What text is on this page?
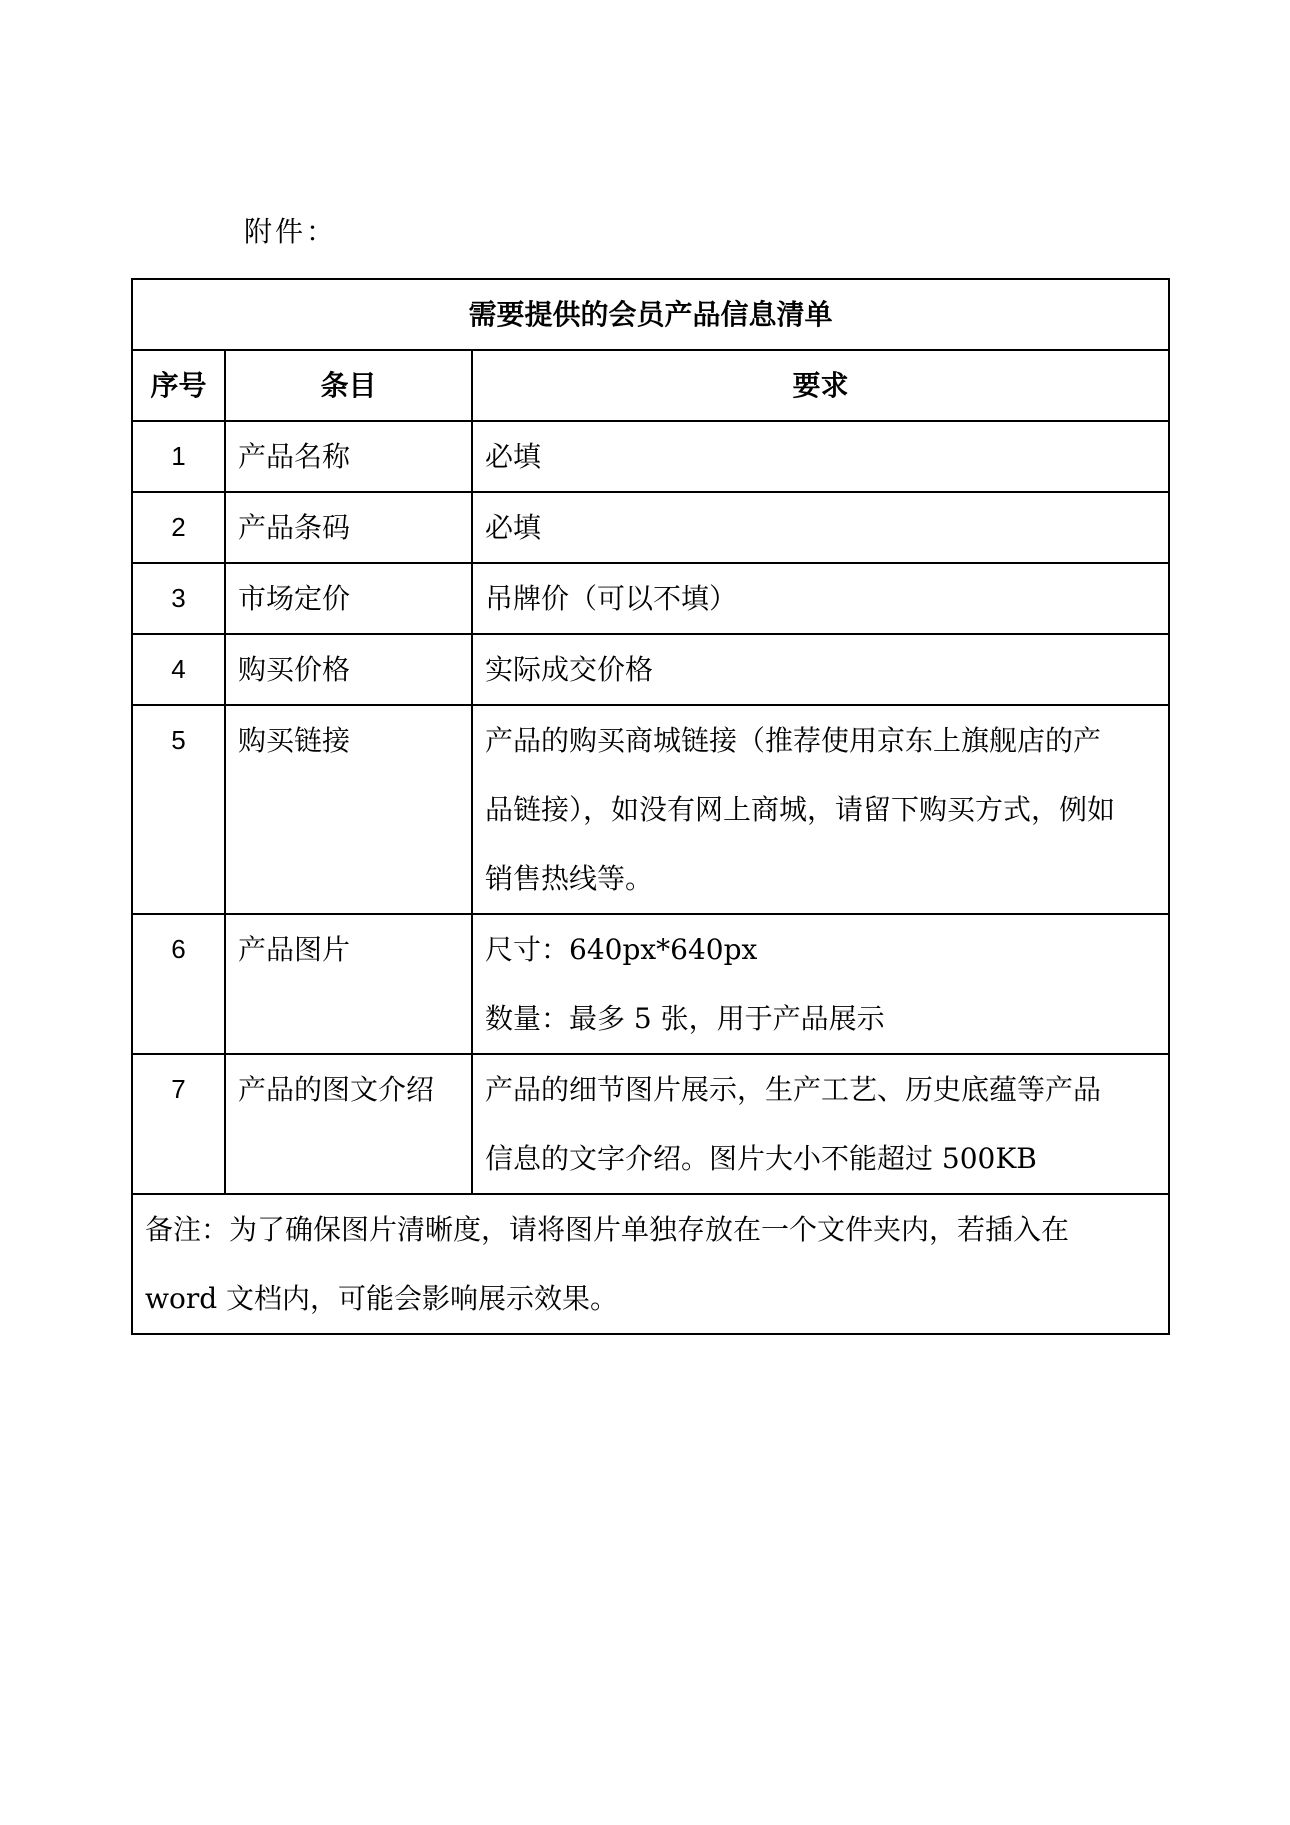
附件：
需要提供的会员产品信息清单		
序号	条目	要求
1	产品名称	必填

2	产品条码	必填

3	市场定价	吊牌价（可以不填）

4	购买价格	实际成交价格

5	购买链接	产品的购买商城链接（推荐使用京东上旗舰店的产
品链接），如没有网上商城，请留下购买方式，例如
销售热线等。

6	产品图片	尺寸：640px*640px
数量：最多 5 张，用于产品展示

7	产品的图文介绍	产品的细节图片展示，生产工艺、历史底蕴等产品
信息的文字介绍。图片大小不能超过 500KB

备注：为了确保图片清晰度，请将图片单独存放在一个文件夹内，若插入在
word 文档内，可能会影响展示效果。		
